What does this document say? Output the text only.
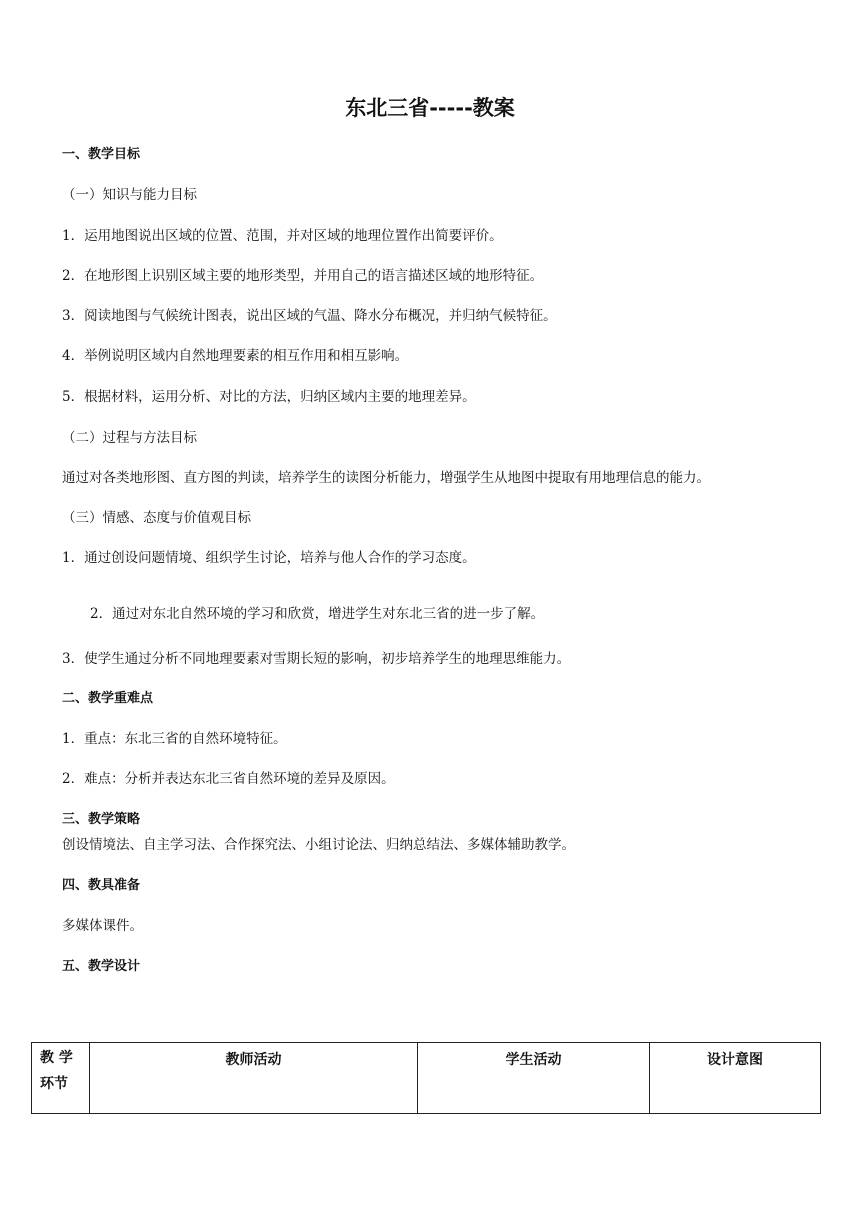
东北三省-----教案
一、教学目标
（一）知识与能力目标
1．运用地图说出区域的位置、范围，并对区域的地理位置作出简要评价。
2．在地形图上识别区域主要的地形类型，并用自己的语言描述区域的地形特征。
3．阅读地图与气候统计图表，说出区域的气温、降水分布概况，并归纳气候特征。
4．举例说明区域内自然地理要素的相互作用和相互影响。
5．根据材料，运用分析、对比的方法，归纳区域内主要的地理差异。
（二）过程与方法目标
通过对各类地形图、直方图的判读，培养学生的读图分析能力，增强学生从地图中提取有用地理信息的能力。
（三）情感、态度与价值观目标
1．通过创设问题情境、组织学生讨论，培养与他人合作的学习态度。
2．通过对东北自然环境的学习和欣赏，增进学生对东北三省的进一步了解。
3．使学生通过分析不同地理要素对雪期长短的影响，初步培养学生的地理思维能力。
二、教学重难点
1．重点：东北三省的自然环境特征。
2．难点：分析并表达东北三省自然环境的差异及原因。
三、教学策略
创设情境法、自主学习法、合作探究法、小组讨论法、归纳总结法、多媒体辅助教学。
四、教具准备
多媒体课件。
五、教学设计
教 学
环节
	教师活动	学生活动	设计意图
